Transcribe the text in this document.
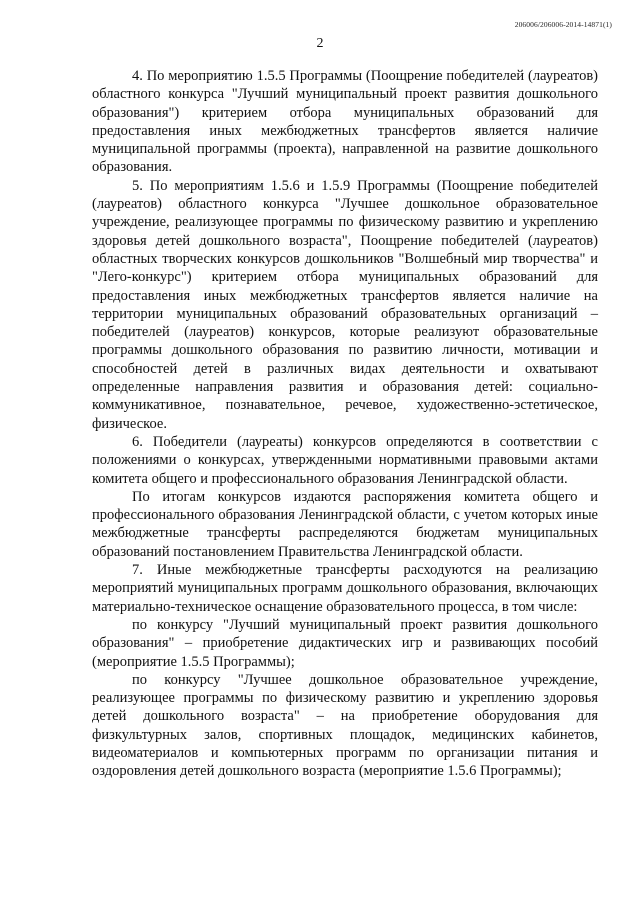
206006/206006-2014-14871(1)
2

4. По мероприятию 1.5.5 Программы (Поощрение победителей (лауреатов) областного конкурса "Лучший муниципальный проект развития дошкольного образования") критерием отбора муниципальных образований для предоставления иных межбюджетных трансфертов является наличие муниципальной программы (проекта), направленной на развитие дошкольного образования.

5. По мероприятиям 1.5.6 и 1.5.9 Программы (Поощрение победителей (лауреатов) областного конкурса "Лучшее дошкольное образовательное учреждение, реализующее программы по физическому развитию и укреплению здоровья детей дошкольного возраста", Поощрение победителей (лауреатов) областных творческих конкурсов дошкольников "Волшебный мир творчества" и "Лего-конкурс") критерием отбора муниципальных образований для предоставления иных межбюджетных трансфертов является наличие на территории муниципальных образований образовательных организаций – победителей (лауреатов) конкурсов, которые реализуют образовательные программы дошкольного образования по развитию личности, мотивации и способностей детей в различных видах деятельности и охватывают определенные направления развития и образования детей: социально-коммуникативное, познавательное, речевое, художественно-эстетическое, физическое.

6. Победители (лауреаты) конкурсов определяются в соответствии с положениями о конкурсах, утвержденными нормативными правовыми актами комитета общего и профессионального образования Ленинградской области.

По итогам конкурсов издаются распоряжения комитета общего и профессионального образования Ленинградской области, с учетом которых иные межбюджетные трансферты распределяются бюджетам муниципальных образований постановлением Правительства Ленинградской области.

7. Иные межбюджетные трансферты расходуются на реализацию мероприятий муниципальных программ дошкольного образования, включающих материально-техническое оснащение образовательного процесса, в том числе:

по конкурсу "Лучший муниципальный проект развития дошкольного образования" – приобретение дидактических игр и развивающих пособий (мероприятие 1.5.5 Программы);

по конкурсу "Лучшее дошкольное образовательное учреждение, реализующее программы по физическому развитию и укреплению здоровья детей дошкольного возраста" – на приобретение оборудования для физкультурных залов, спортивных площадок, медицинских кабинетов, видеоматериалов и компьютерных программ по организации питания и оздоровления детей дошкольного возраста (мероприятие 1.5.6 Программы);
